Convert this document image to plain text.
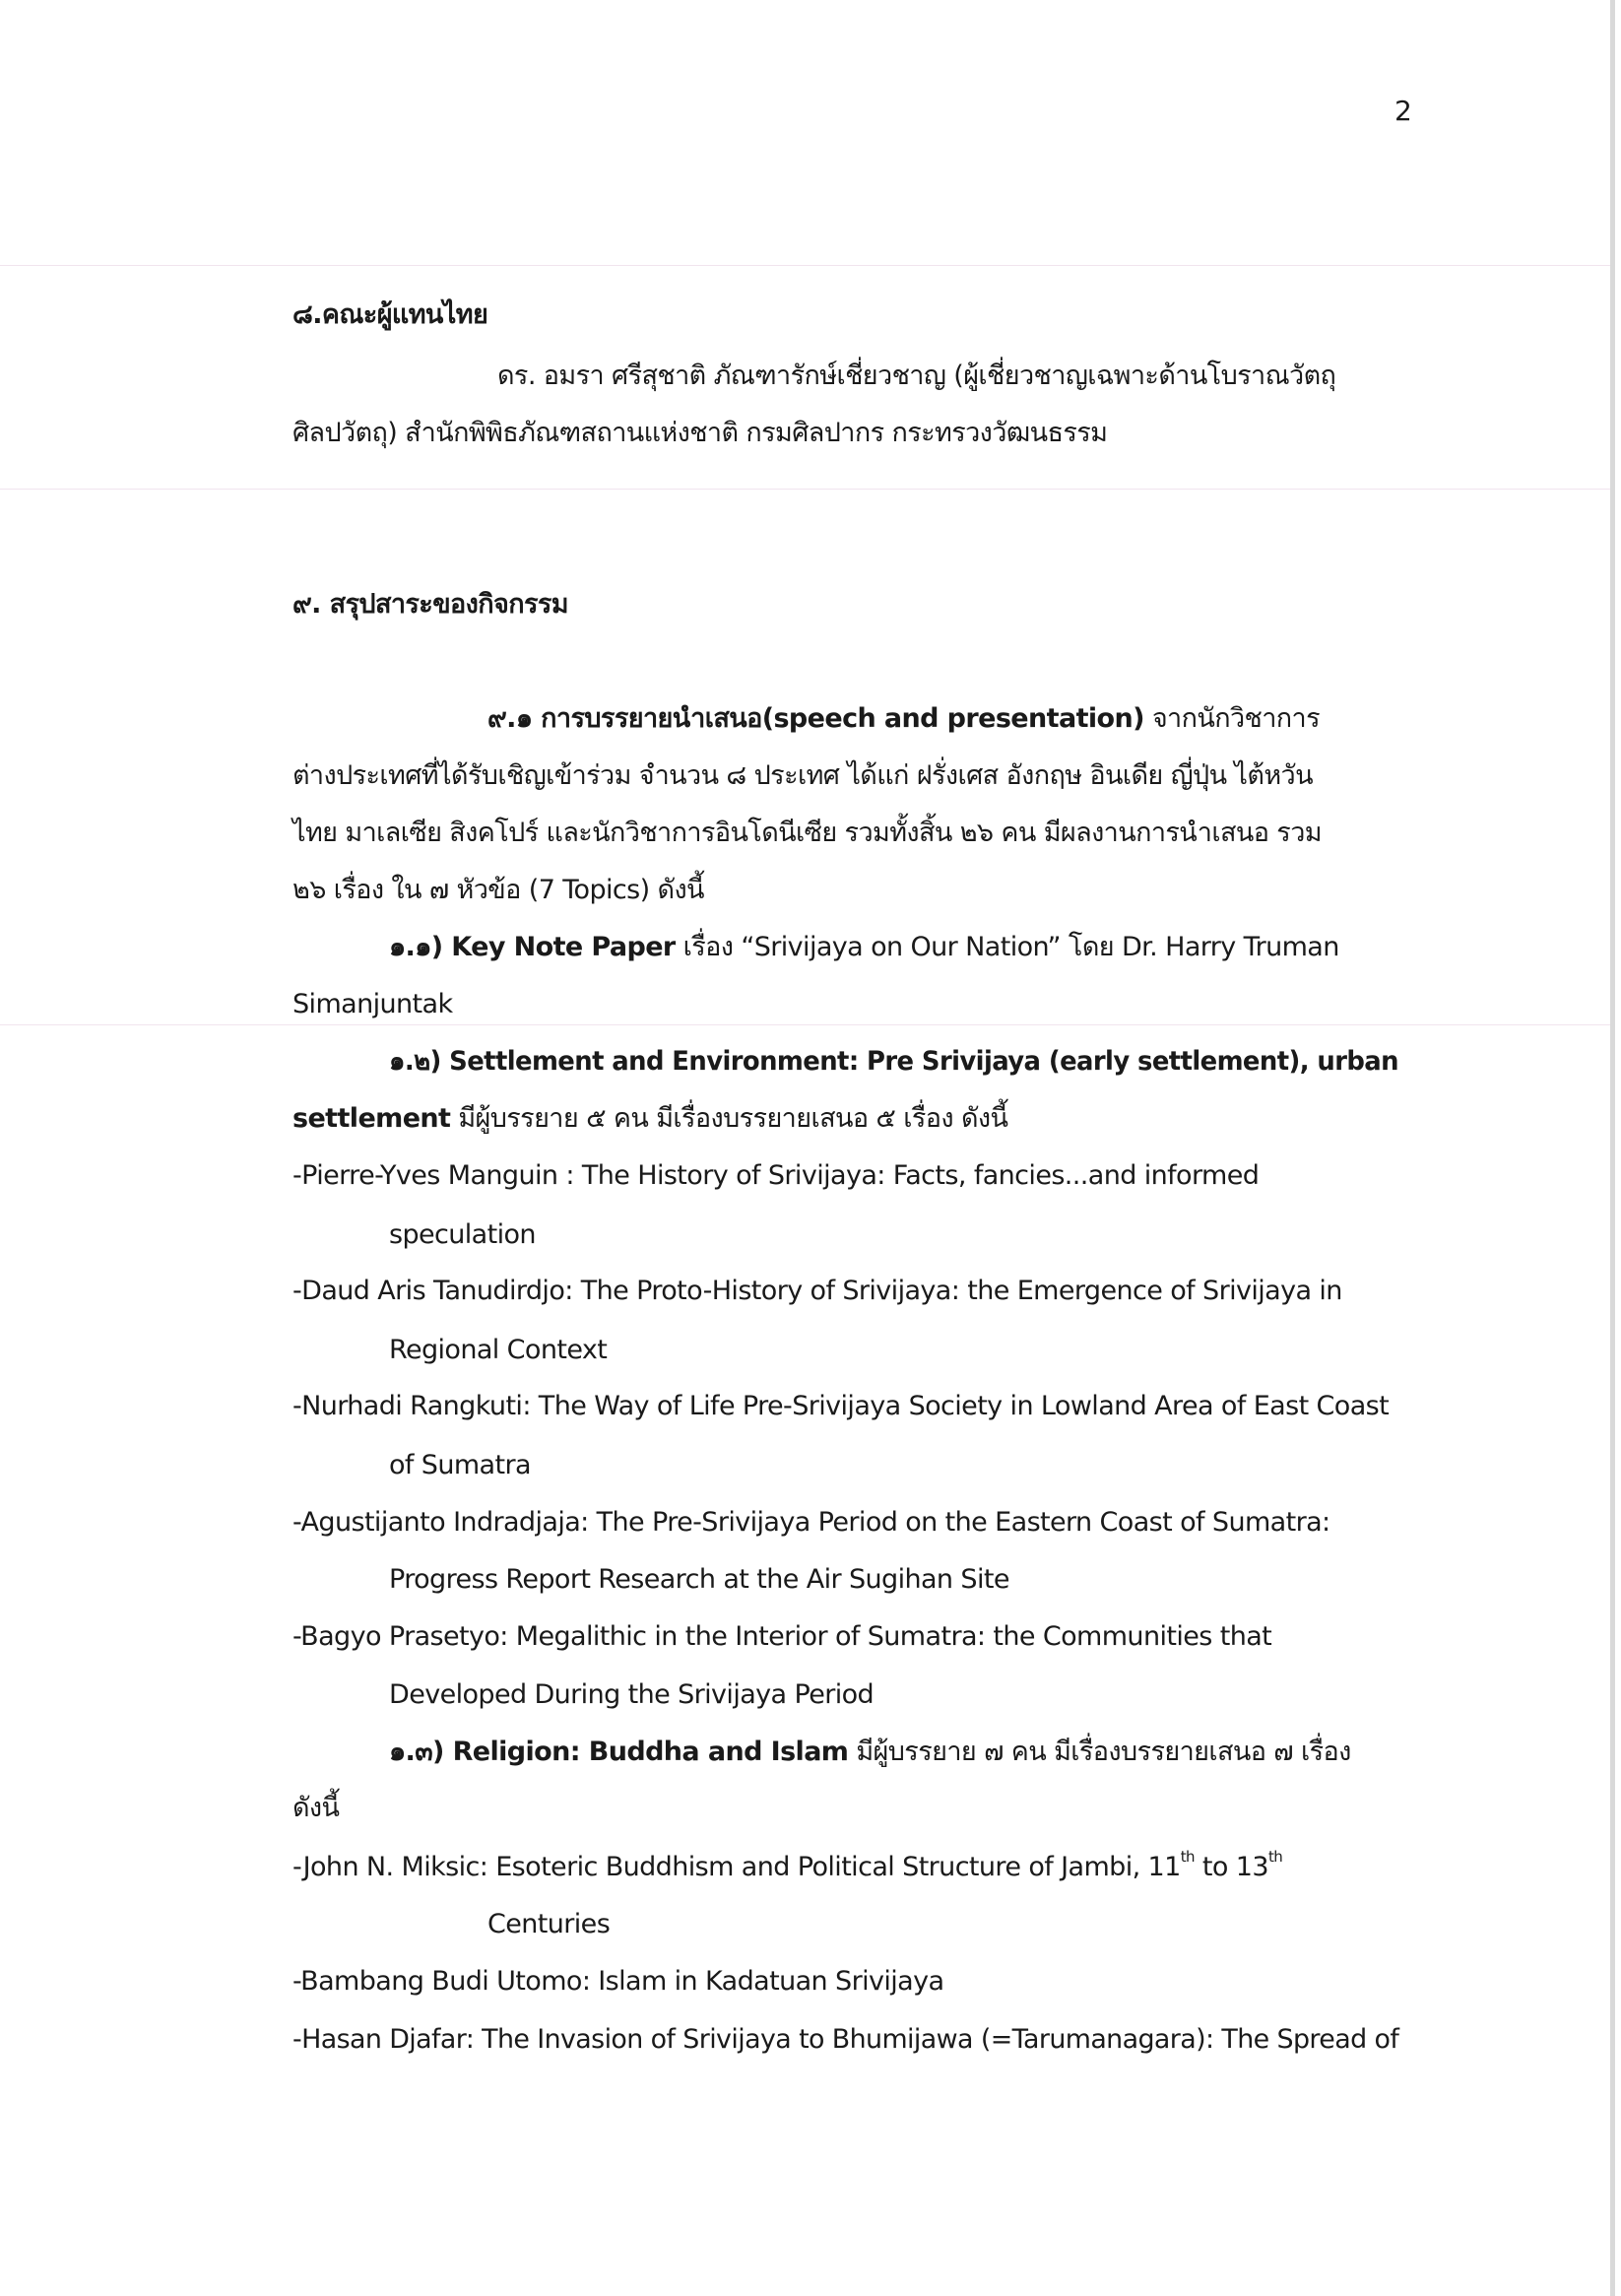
2
๘.คณะผู้แทนไทย
ดร. อมรา ศรีสุชาติ ภัณฑารักษ์เชี่ยวชาญ (ผู้เชี่ยวชาญเฉพาะด้านโบราณวัตถุ
ศิลปวัตถุ) สำนักพิพิธภัณฑสถานแห่งชาติ กรมศิลปากร กระทรวงวัฒนธรรม
๙. สรุปสาระของกิจกรรม
๙.๑ การบรรยายนำเสนอ(speech and presentation) จากนักวิชาการ
ต่างประเทศที่ได้รับเชิญเข้าร่วม จำนวน ๘ ประเทศ ได้แก่ ฝรั่งเศส อังกฤษ อินเดีย ญี่ปุ่น ไต้หวัน
ไทย มาเลเซีย สิงคโปร์ และนักวิชาการอินโดนีเซีย รวมทั้งสิ้น ๒๖ คน มีผลงานการนำเสนอ รวม
๒๖ เรื่อง ใน ๗ หัวข้อ (7 Topics) ดังนี้
๑.๑) Key Note Paper เรื่อง “Srivijaya on Our Nation” โดย Dr. Harry Truman
Simanjuntak
๑.๒) Settlement and Environment: Pre Srivijaya (early settlement), urban
settlement มีผู้บรรยาย ๕ คน มีเรื่องบรรยายเสนอ ๕ เรื่อง ดังนี้
-Pierre-Yves Manguin : The History of Srivijaya: Facts, fancies...and informed
speculation
-Daud Aris Tanudirdjo: The Proto-History of Srivijaya: the Emergence of Srivijaya in
Regional Context
-Nurhadi Rangkuti: The Way of Life Pre-Srivijaya Society in Lowland Area of East Coast
of Sumatra
-Agustijanto Indradjaja: The Pre-Srivijaya Period on the Eastern Coast of Sumatra:
Progress Report Research at the Air Sugihan Site
-Bagyo Prasetyo: Megalithic in the Interior of Sumatra: the Communities that
Developed During the Srivijaya Period
๑.๓) Religion: Buddha and Islam มีผู้บรรยาย ๗ คน มีเรื่องบรรยายเสนอ ๗ เรื่อง
ดังนี้
-John N. Miksic: Esoteric Buddhism and Political Structure of Jambi, 11th to 13th
Centuries
-Bambang Budi Utomo: Islam in Kadatuan Srivijaya
-Hasan Djafar: The Invasion of Srivijaya to Bhumijawa (=Tarumanagara): The Spread of
